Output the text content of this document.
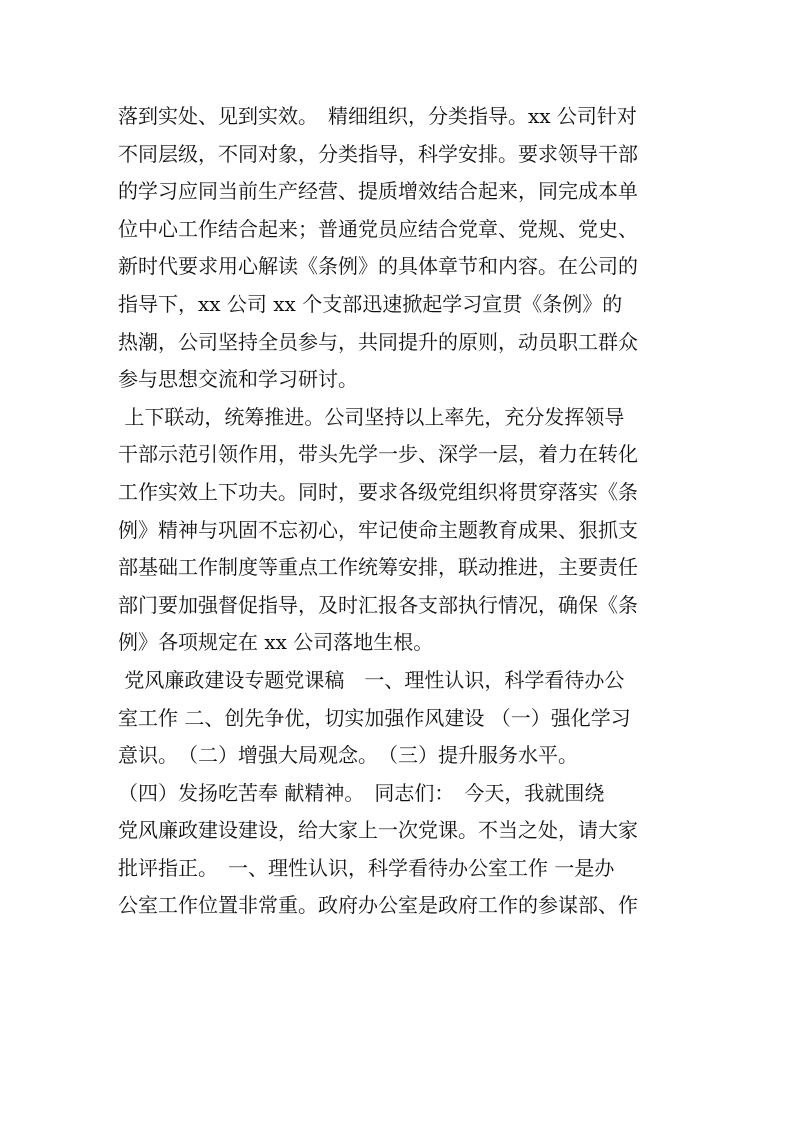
落到实处、见到实效。　精细组织，分类指导。xx 公司针对
不同层级，不同对象，分类指导，科学安排。要求领导干部
的学习应同当前生产经营、提质增效结合起来，同完成本单
位中心工作结合起来；普通党员应结合党章、党规、党史、
新时代要求用心解读《条例》的具体章节和内容。在公司的
指导下，xx 公司 xx 个支部迅速掀起学习宣贯《条例》的
热潮，公司坚持全员参与，共同提升的原则，动员职工群众
参与思想交流和学习研讨。
上下联动，统筹推进。公司坚持以上率先，充分发挥领导
干部示范引领作用，带头先学一步、深学一层，着力在转化
工作实效上下功夫。同时，要求各级党组织将贯穿落实《条
例》精神与巩固不忘初心，牢记使命主题教育成果、狠抓支
部基础工作制度等重点工作统筹安排，联动推进，主要责任
部门要加强督促指导，及时汇报各支部执行情况，确保《条
例》各项规定在 xx 公司落地生根。
党风廉政建设专题党课稿　一、理性认识，科学看待办公
室工作 二、创先争优，切实加强作风建设 （一）强化学习
意识。　（二）增强大局观念。　（三）提升服务水平。
（四）发扬吃苦奉 献精神。　同志们：　今天，我就围绕
党风廉政建设建设，给大家上一次党课。不当之处，请大家
批评指正。　一、理性认识，科学看待办公室工作 一是办
公室工作位置非常重。政府办公室是政府工作的参谋部、作
